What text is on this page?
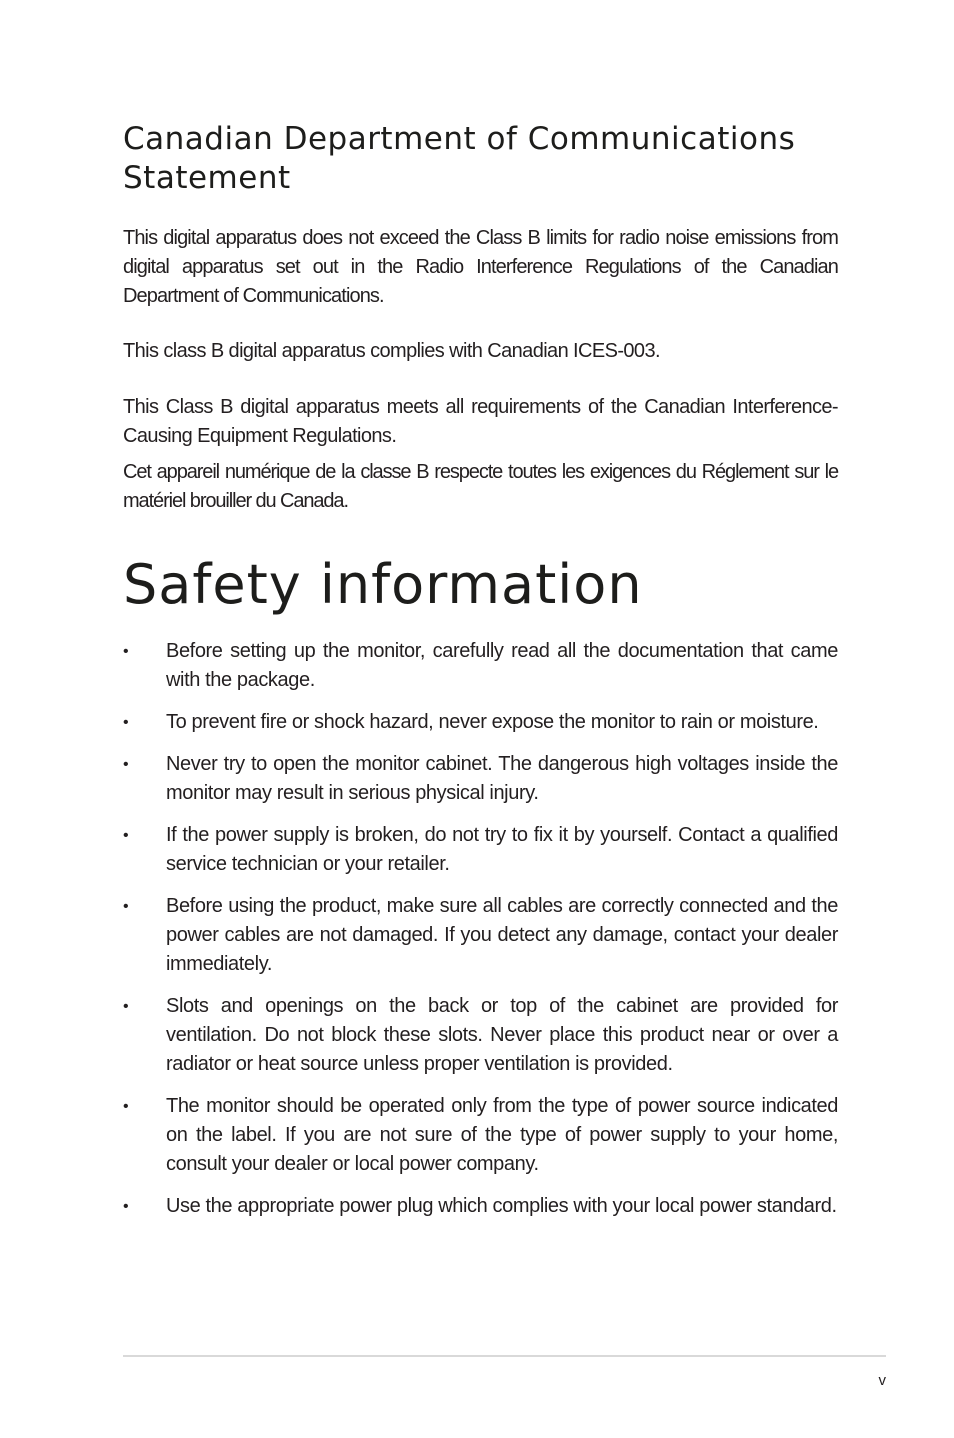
Canadian Department of Communications Statement

This digital apparatus does not exceed the Class B limits for radio noise emissions from digital apparatus set out in the Radio Interference Regulations of the Canadian Department of Communications.

This class B digital apparatus complies with Canadian ICES-003.

This Class B digital apparatus meets all requirements of the Canadian Interference-Causing Equipment Regulations.

Cet appareil numérique de la classe B respecte toutes les exigences du Réglement sur le matériel brouiller du Canada.

Safety information
•	Before setting up the monitor, carefully read all the documentation that came with the package.
•	To prevent fire or shock hazard, never expose the monitor to rain or moisture.
•	Never try to open the monitor cabinet. The dangerous high voltages inside the monitor may result in serious physical injury.
•	If the power supply is broken, do not try to fix it by yourself. Contact a qualified service technician or your retailer.
•	Before using the product, make sure all cables are correctly connected and the power cables are not damaged. If you detect any damage, contact your dealer immediately.
•	Slots and openings on the back or top of the cabinet are provided for ventilation. Do not block these slots. Never place this product near or over a radiator or heat source unless proper ventilation is provided.
•	The monitor should be operated only from the type of power source indicated on the label. If you are not sure of the type of power supply to your home, consult your dealer or local power company.
•	Use the appropriate power plug which complies with your local power standard.
v
